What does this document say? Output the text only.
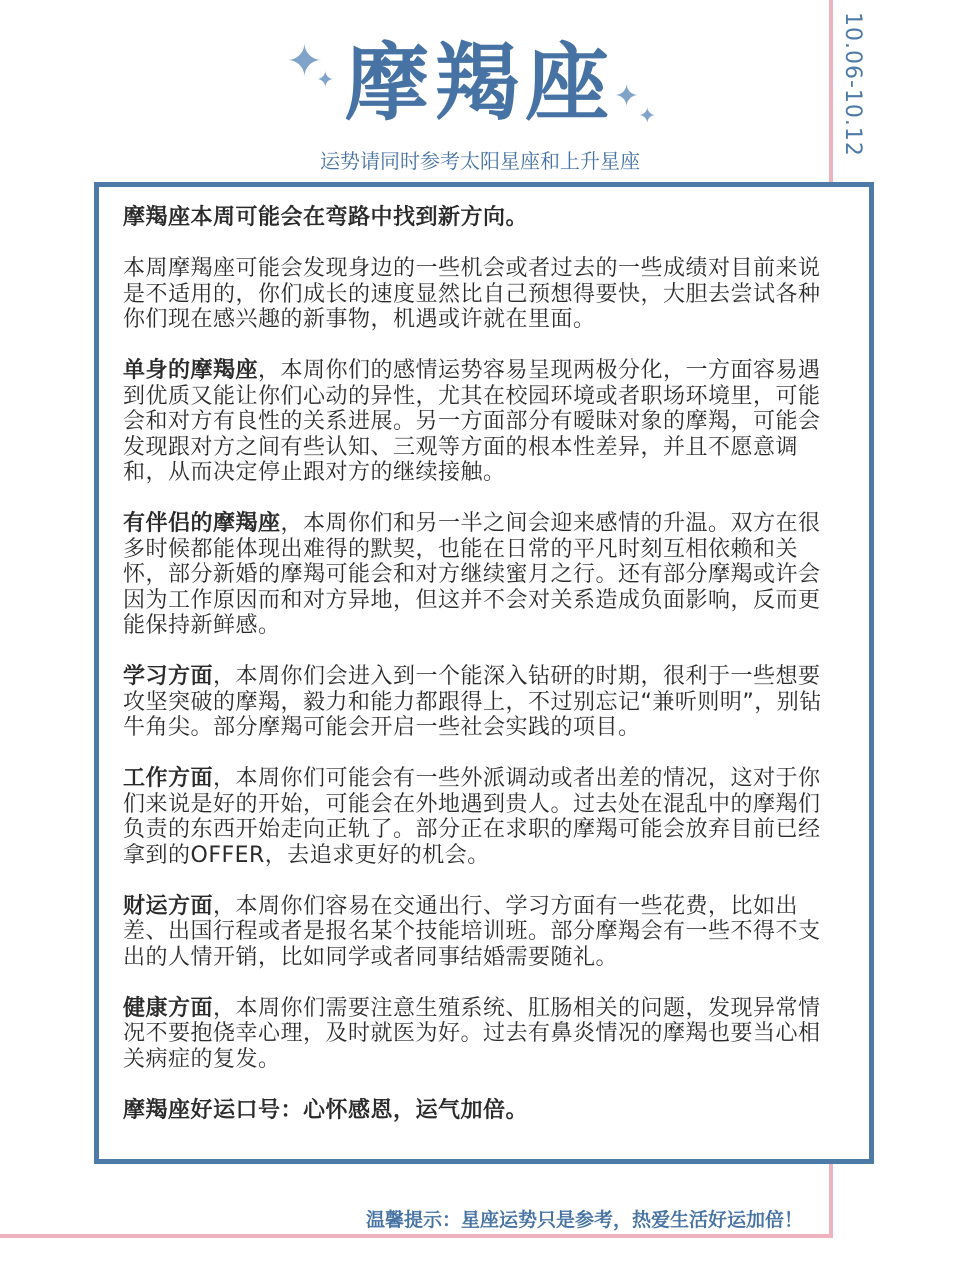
10.06-10.12
✦
✦ 摩羯座 ✦
✦
运势请同时参考太阳星座和上升星座

摩羯座本周可能会在弯路中找到新方向。

本周摩羯座可能会发现身边的一些机会或者过去的一些成绩对目前来说是不适用的，你们成长的速度显然比自己预想得要快，大胆去尝试各种你们现在感兴趣的新事物，机遇或许就在里面。

单身的摩羯座，本周你们的感情运势容易呈现两极分化，一方面容易遇到优质又能让你们心动的异性，尤其在校园环境或者职场环境里，可能会和对方有良性的关系进展。另一方面部分有暧昧对象的摩羯，可能会发现跟对方之间有些认知、三观等方面的根本性差异，并且不愿意调和，从而决定停止跟对方的继续接触。

有伴侣的摩羯座，本周你们和另一半之间会迎来感情的升温。双方在很多时候都能体现出难得的默契，也能在日常的平凡时刻互相依赖和关怀，部分新婚的摩羯可能会和对方继续蜜月之行。还有部分摩羯或许会因为工作原因而和对方异地，但这并不会对关系造成负面影响，反而更能保持新鲜感。

学习方面，本周你们会进入到一个能深入钻研的时期，很利于一些想要攻坚突破的摩羯，毅力和能力都跟得上，不过别忘记“兼听则明”，别钻牛角尖。部分摩羯可能会开启一些社会实践的项目。

工作方面，本周你们可能会有一些外派调动或者出差的情况，这对于你们来说是好的开始，可能会在外地遇到贵人。过去处在混乱中的摩羯们负责的东西开始走向正轨了。部分正在求职的摩羯可能会放弃目前已经拿到的OFFER，去追求更好的机会。

财运方面，本周你们容易在交通出行、学习方面有一些花费，比如出差、出国行程或者是报名某个技能培训班。部分摩羯会有一些不得不支出的人情开销，比如同学或者同事结婚需要随礼。

健康方面，本周你们需要注意生殖系统、肛肠相关的问题，发现异常情况不要抱侥幸心理，及时就医为好。过去有鼻炎情况的摩羯也要当心相关病症的复发。

摩羯座好运口号：心怀感恩，运气加倍。

温馨提示：星座运势只是参考，热爱生活好运加倍！
